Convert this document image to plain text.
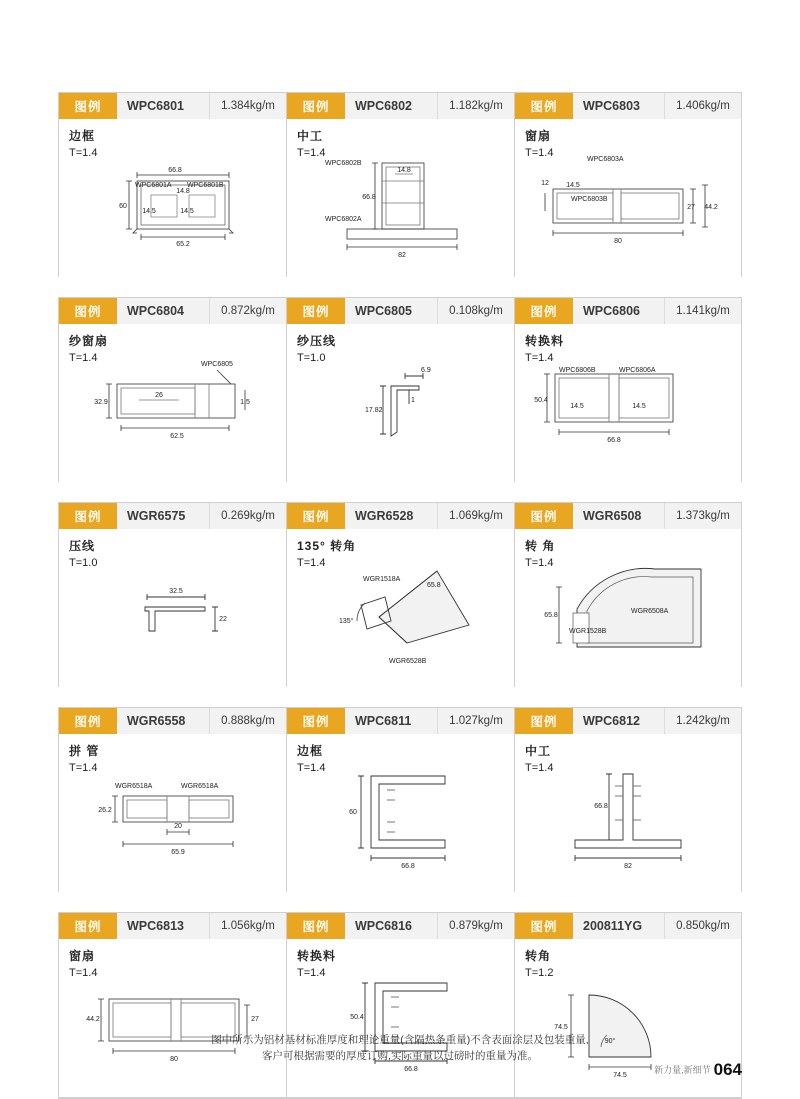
图例	WPC6801	1.384kg/m
边框
T=1.4
66.8
65.2
60
14.8
14.5	14.5
WPC6801A WPC6801B
图例	WPC6802	1.182kg/m
中工
T=1.4
82
66.8
14.8
WPC6802B
WPC6802A
图例	WPC6803	1.406kg/m
窗扇
T=1.4
80
44.2
27
14.5
12
WPC6803A
WPC6803B
图例	WPC6804	0.872kg/m
纱窗扇
T=1.4
62.5
32.9
26
1.5
WPC6805
图例	WPC6805	0.108kg/m
纱压线
T=1.0
6.9
17.82
1
图例	WPC6806	1.141kg/m
转换料
T=1.4
66.8
50.4
14.5	14.5
WPC6806B	WPC6806A
图例	WGR6575	0.269kg/m
压线
T=1.0
32.5
22
图例	WGR6528	1.069kg/m
135° 转角
T=1.4
65.8
135°
WGR1518A
WGR6528B
图例	WGR6508	1.373kg/m
转 角
T=1.4
65.8
WGR6508A
WGR1528B
图例	WGR6558	0.888kg/m
拼 管
T=1.4
65.9
20
26.2
WGR6518A	WGR6518A
图例	WPC6811	1.027kg/m
边框
T=1.4
66.8
60
图例	WPC6812	1.242kg/m
中工
T=1.4
82
66.8
图例	WPC6813	1.056kg/m
窗扇
T=1.4
80
44.2	27
图例	WPC6816	0.879kg/m
转换料
T=1.4
66.8
50.4
图例	200811YG	0.850kg/m
转角
T=1.2
74.5
74.5
90°
图中所示为铝材基材标准厚度和理论重量(含隔热条重量)不含表面涂层及包装重量,
客户可根据需要的厚度订购,实际重量以过磅时的重量为准。
新力量,新细节 064
